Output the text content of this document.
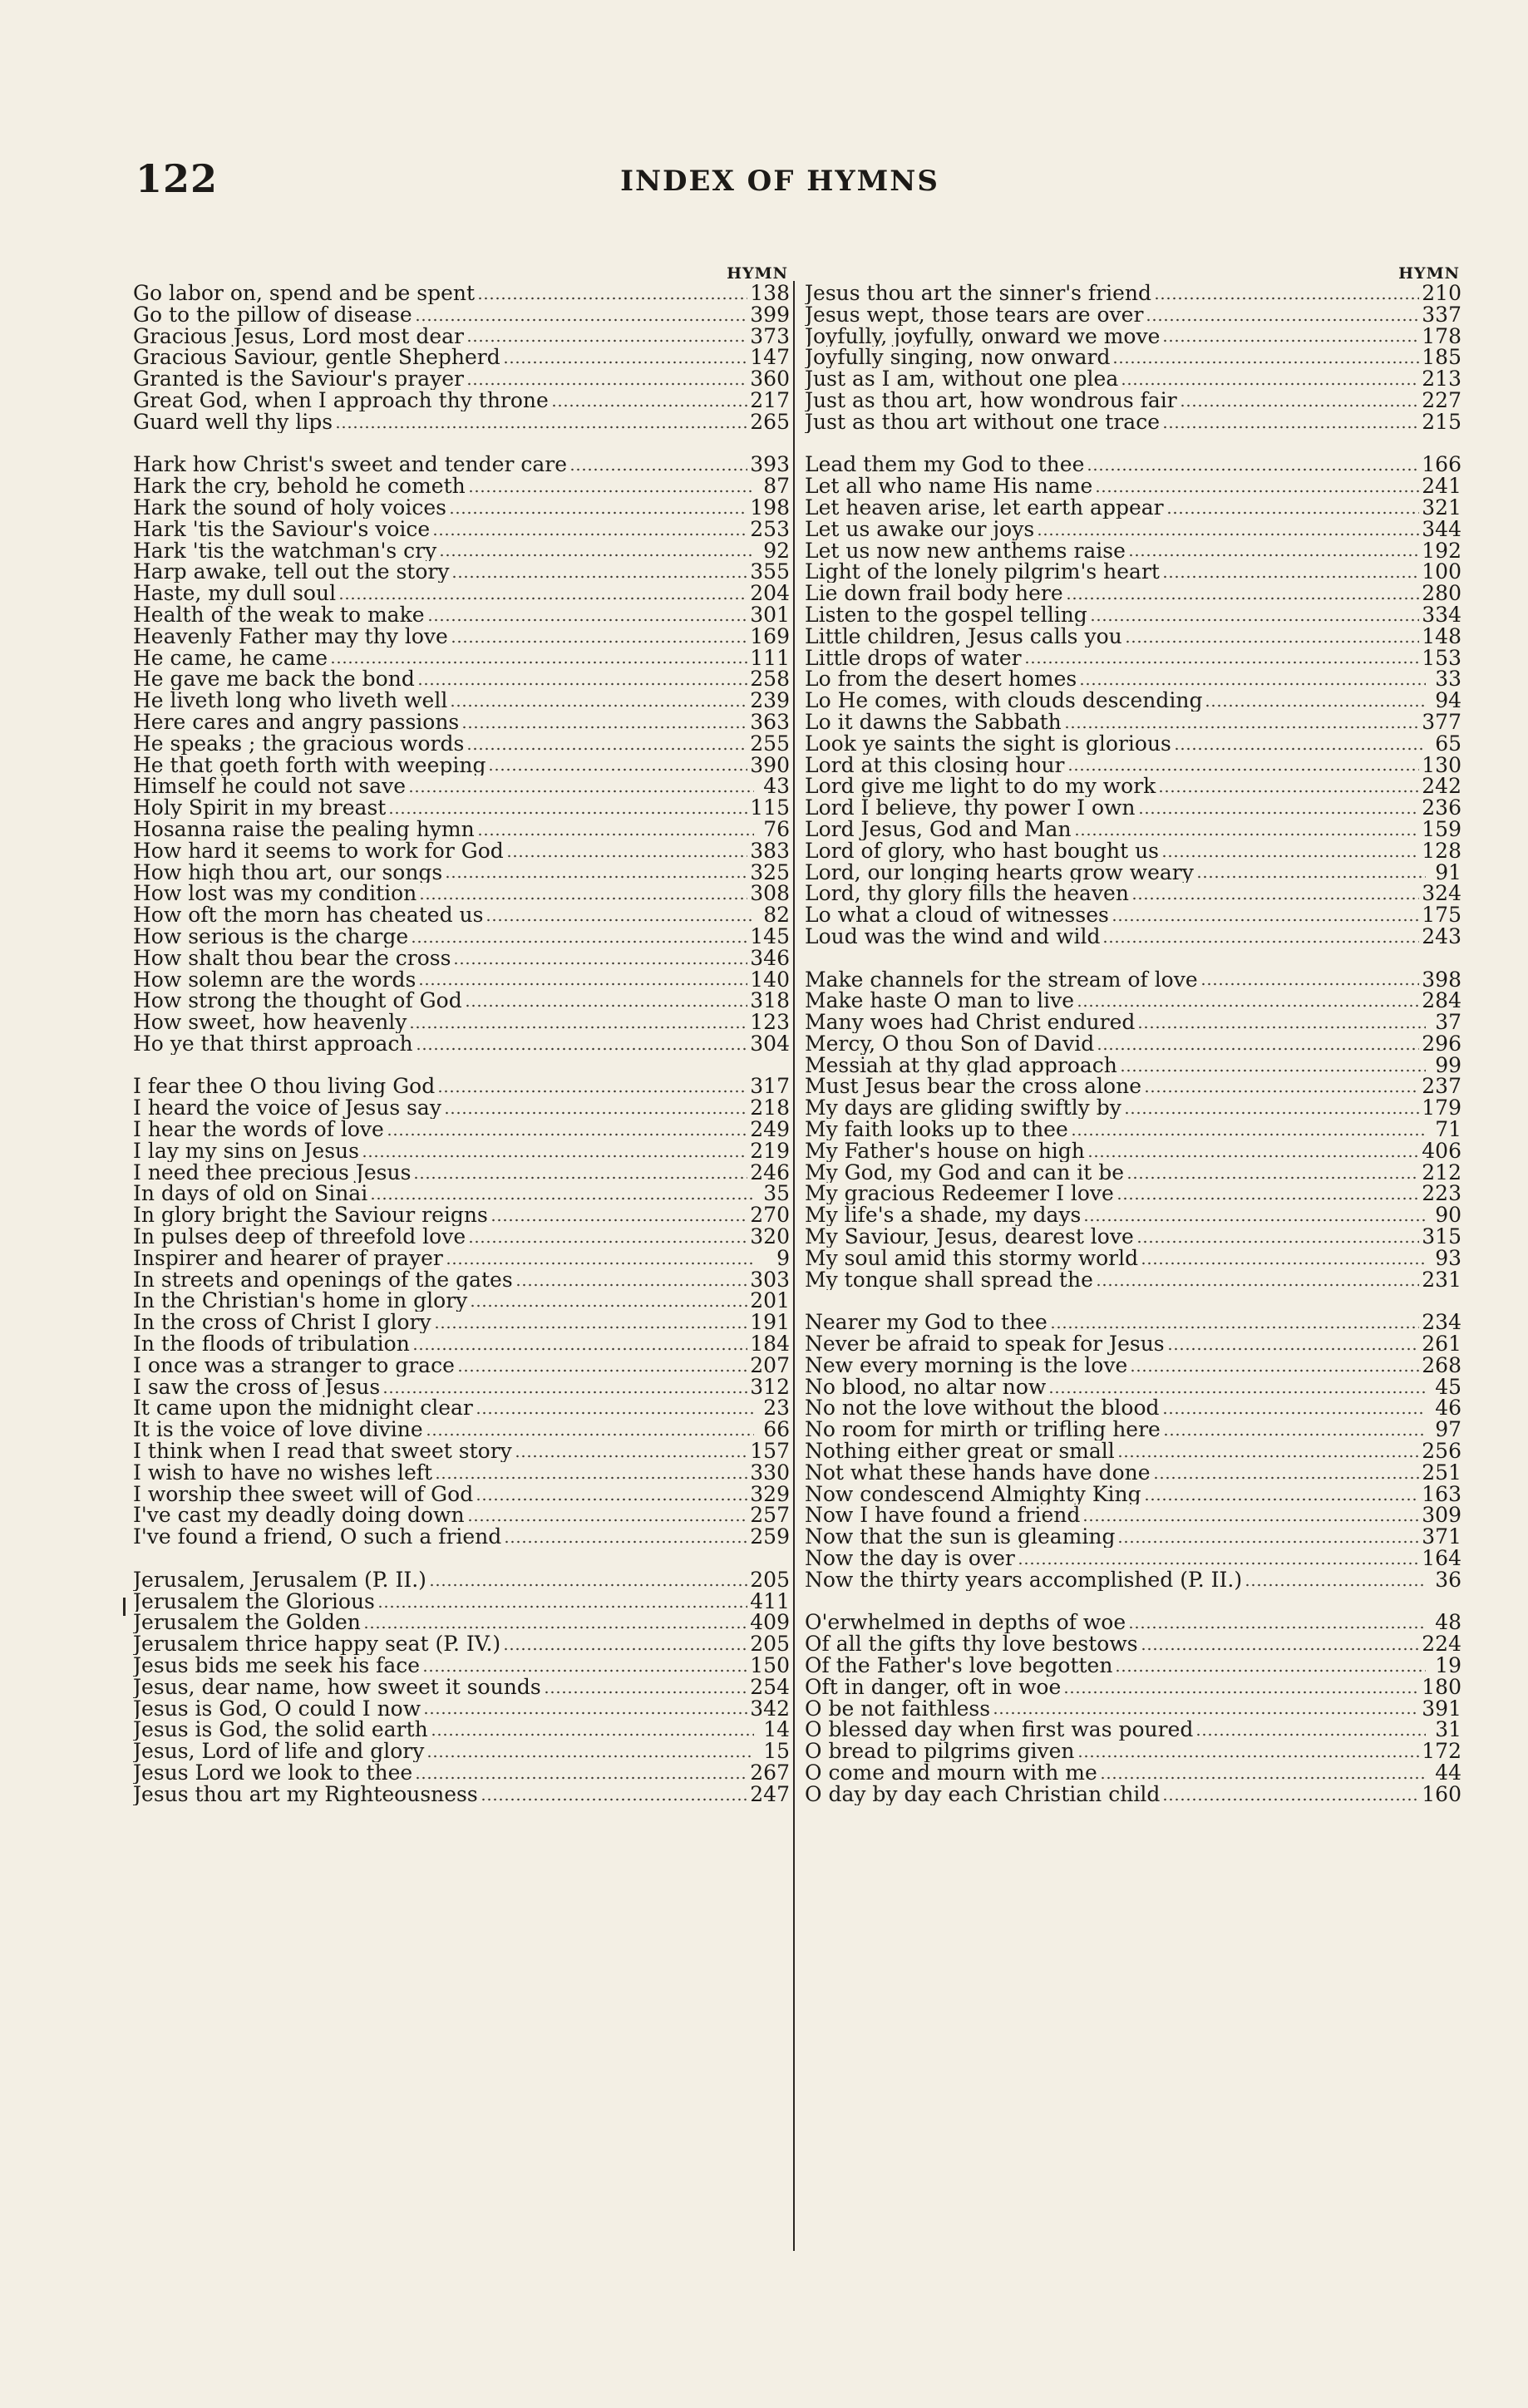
122	INDEX OF HYMNS
HYMN
Go labor on, spend and be spent	138
Go to the pillow of disease	399
Gracious Jesus, Lord most dear	373
Gracious Saviour, gentle Shepherd	147
Granted is the Saviour's prayer	360
Great God, when I approach thy throne	217
Guard well thy lips	265
Hark how Christ's sweet and tender care	393
Hark the cry, behold he cometh	87
Hark the sound of holy voices	198
Hark 'tis the Saviour's voice	253
Hark 'tis the watchman's cry	92
Harp awake, tell out the story	355
Haste, my dull soul	204
Health of the weak to make	301
Heavenly Father may thy love	169
He came, he came	111
He gave me back the bond	258
He liveth long who liveth well	239
Here cares and angry passions	363
He speaks ; the gracious words	255
He that goeth forth with weeping	390
Himself he could not save	43
Holy Spirit in my breast	115
Hosanna raise the pealing hymn	76
How hard it seems to work for God	383
How high thou art, our songs	325
How lost was my condition	308
How oft the morn has cheated us	82
How serious is the charge	145
How shalt thou bear the cross	346
How solemn are the words	140
How strong the thought of God	318
How sweet, how heavenly	123
Ho ye that thirst approach	304
I fear thee O thou living God	317
I heard the voice of Jesus say	218
I hear the words of love	249
I lay my sins on Jesus	219
I need thee precious Jesus	246
In days of old on Sinai	35
In glory bright the Saviour reigns	270
In pulses deep of threefold love	320
Inspirer and hearer of prayer	9
In streets and openings of the gates	303
In the Christian's home in glory	201
In the cross of Christ I glory	191
In the floods of tribulation	184
I once was a stranger to grace	207
I saw the cross of Jesus	312
It came upon the midnight clear	23
It is the voice of love divine	66
I think when I read that sweet story	157
I wish to have no wishes left	330
I worship thee sweet will of God	329
I've cast my deadly doing down	257
I've found a friend, O such a friend	259
Jerusalem, Jerusalem (P. II.)	205
Jerusalem the Glorious	411
Jerusalem the Golden	409
Jerusalem thrice happy seat (P. IV.)	205
Jesus bids me seek his face	150
Jesus, dear name, how sweet it sounds	254
Jesus is God, O could I now	342
Jesus is God, the solid earth	14
Jesus, Lord of life and glory	15
Jesus Lord we look to thee	267
Jesus thou art my Righteousness	247
HYMN
Jesus thou art the sinner's friend	210
Jesus wept, those tears are over	337
Joyfully, joyfully, onward we move	178
Joyfully singing, now onward	185
Just as I am, without one plea	213
Just as thou art, how wondrous fair	227
Just as thou art without one trace	215
Lead them my God to thee	166
Let all who name His name	241
Let heaven arise, let earth appear	321
Let us awake our joys	344
Let us now new anthems raise	192
Light of the lonely pilgrim's heart	100
Lie down frail body here	280
Listen to the gospel telling	334
Little children, Jesus calls you	148
Little drops of water	153
Lo from the desert homes	33
Lo He comes, with clouds descending	94
Lo it dawns the Sabbath	377
Look ye saints the sight is glorious	65
Lord at this closing hour	130
Lord give me light to do my work	242
Lord I believe, thy power I own	236
Lord Jesus, God and Man	159
Lord of glory, who hast bought us	128
Lord, our longing hearts grow weary	91
Lord, thy glory fills the heaven	324
Lo what a cloud of witnesses	175
Loud was the wind and wild	243
Make channels for the stream of love	398
Make haste O man to live	284
Many woes had Christ endured	37
Mercy, O thou Son of David	296
Messiah at thy glad approach	99
Must Jesus bear the cross alone	237
My days are gliding swiftly by	179
My faith looks up to thee	71
My Father's house on high	406
My God, my God and can it be	212
My gracious Redeemer I love	223
My life's a shade, my days	90
My Saviour, Jesus, dearest love	315
My soul amid this stormy world	93
My tongue shall spread the	231
Nearer my God to thee	234
Never be afraid to speak for Jesus	261
New every morning is the love	268
No blood, no altar now	45
No not the love without the blood	46
No room for mirth or trifling here	97
Nothing either great or small	256
Not what these hands have done	251
Now condescend Almighty King	163
Now I have found a friend	309
Now that the sun is gleaming	371
Now the day is over	164
Now the thirty years accomplished (P. II.)	36
O'erwhelmed in depths of woe	48
Of all the gifts thy love bestows	224
Of the Father's love begotten	19
Oft in danger, oft in woe	180
O be not faithless	391
O blessed day when first was poured	31
O bread to pilgrims given	172
O come and mourn with me	44
O day by day each Christian child	160
